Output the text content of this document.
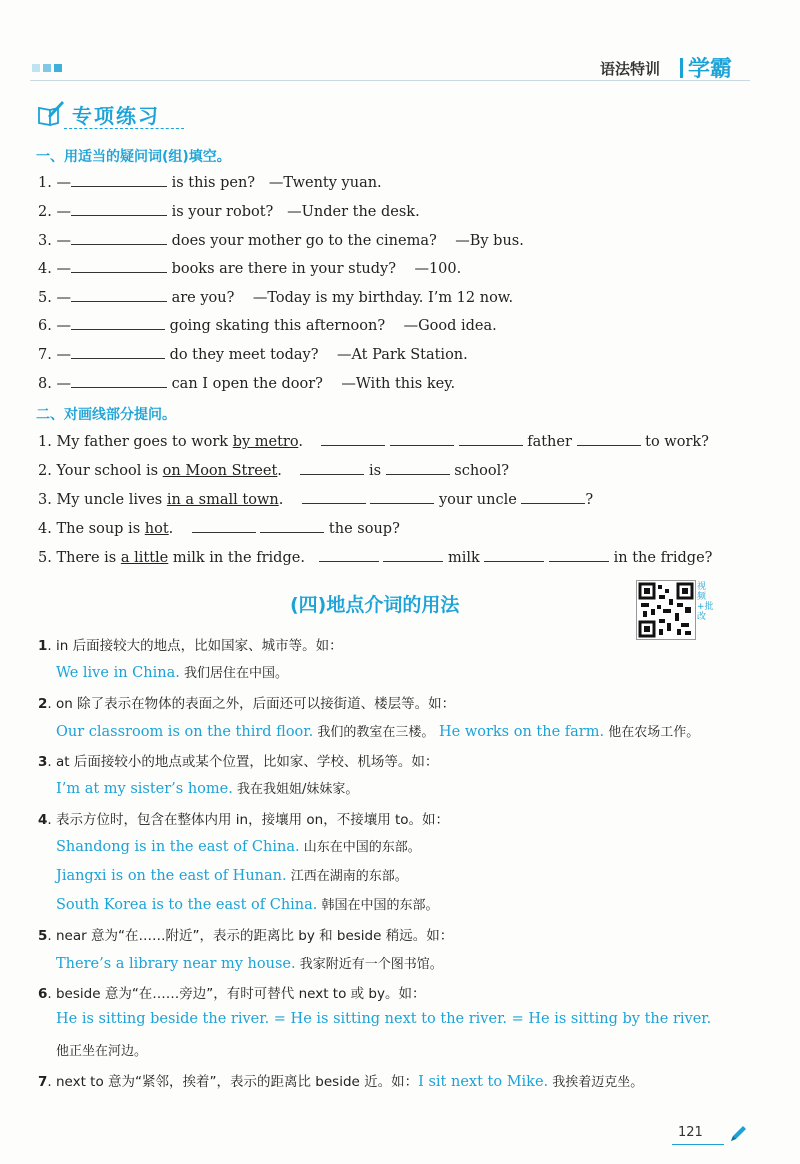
语法特训 学霸
专项练习
一、用适当的疑问词(组)填空。
1. —	is this pen? —Twenty yuan.
2. —	is your robot? —Under the desk.
3. —	does your mother go to the cinema? —By bus.
4. —	books are there in your study? —100.
5. —	are you? —Today is my birthday. I’m 12 now.
6. —	going skating this afternoon? —Good idea.
7. —	do they meet today? —At Park Station.
8. —	can I open the door? —With this key.
二、对画线部分提问。
1. My father goes to work by metro.	father	to work?
2. Your school is on Moon Street.	is	school?
3. My uncle lives in a small town.	your uncle	?
4. The soup is hot.	the soup?
5. There is a little milk in the fridge.	milk	in the fridge?
(四)地点介词的用法
视频+批改
1. in 后面接较大的地点，比如国家、城市等。如：
We live in China. 我们居住在中国。
2. on 除了表示在物体的表面之外，后面还可以接街道、楼层等。如：
Our classroom is on the third floor. 我们的教室在三楼。 He works on the farm. 他在农场工作。
3. at 后面接较小的地点或某个位置，比如家、学校、机场等。如：
I’m at my sister’s home. 我在我姐姐/妹妹家。
4. 表示方位时，包含在整体内用 in，接壤用 on，不接壤用 to。如：
Shandong is in the east of China. 山东在中国的东部。
Jiangxi is on the east of Hunan. 江西在湖南的东部。
South Korea is to the east of China. 韩国在中国的东部。
5. near 意为“在……附近”，表示的距离比 by 和 beside 稍远。如：
There’s a library near my house. 我家附近有一个图书馆。
6. beside 意为“在……旁边”，有时可替代 next to 或 by。如：
He is sitting beside the river. = He is sitting next to the river. = He is sitting by the river.
他正坐在河边。
7. next to 意为“紧邻，挨着”，表示的距离比 beside 近。如：I sit next to Mike. 我挨着迈克坐。
121
